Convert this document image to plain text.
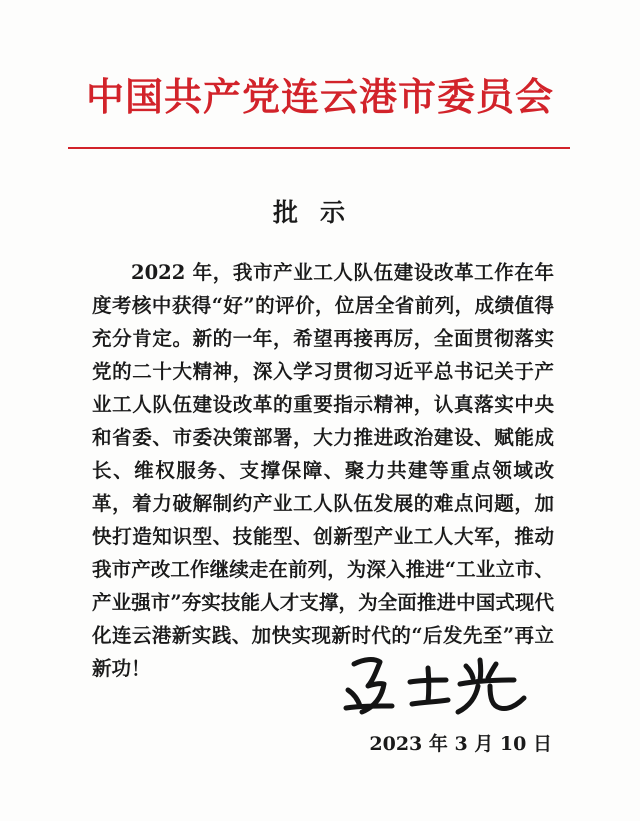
中国共产党连云港市委员会
批示

2022 年，我市产业工人队伍建设改革工作在年度考核中获得“好”的评价，位居全省前列，成绩值得充分肯定。新的一年，希望再接再厉，全面贯彻落实党的二十大精神，深入学习贯彻习近平总书记关于产业工人队伍建设改革的重要指示精神，认真落实中央和省委、市委决策部署，大力推进政治建设、赋能成长、维权服务、支撑保障、聚力共建等重点领域改革，着力破解制约产业工人队伍发展的难点问题，加快打造知识型、技能型、创新型产业工人大军，推动我市产改工作继续走在前列，为深入推进“工业立市、产业强市”夯实技能人才支撑，为全面推进中国式现代化连云港新实践、加快实现新时代的“后发先至”再立新功！

2023 年 3 月 10 日
